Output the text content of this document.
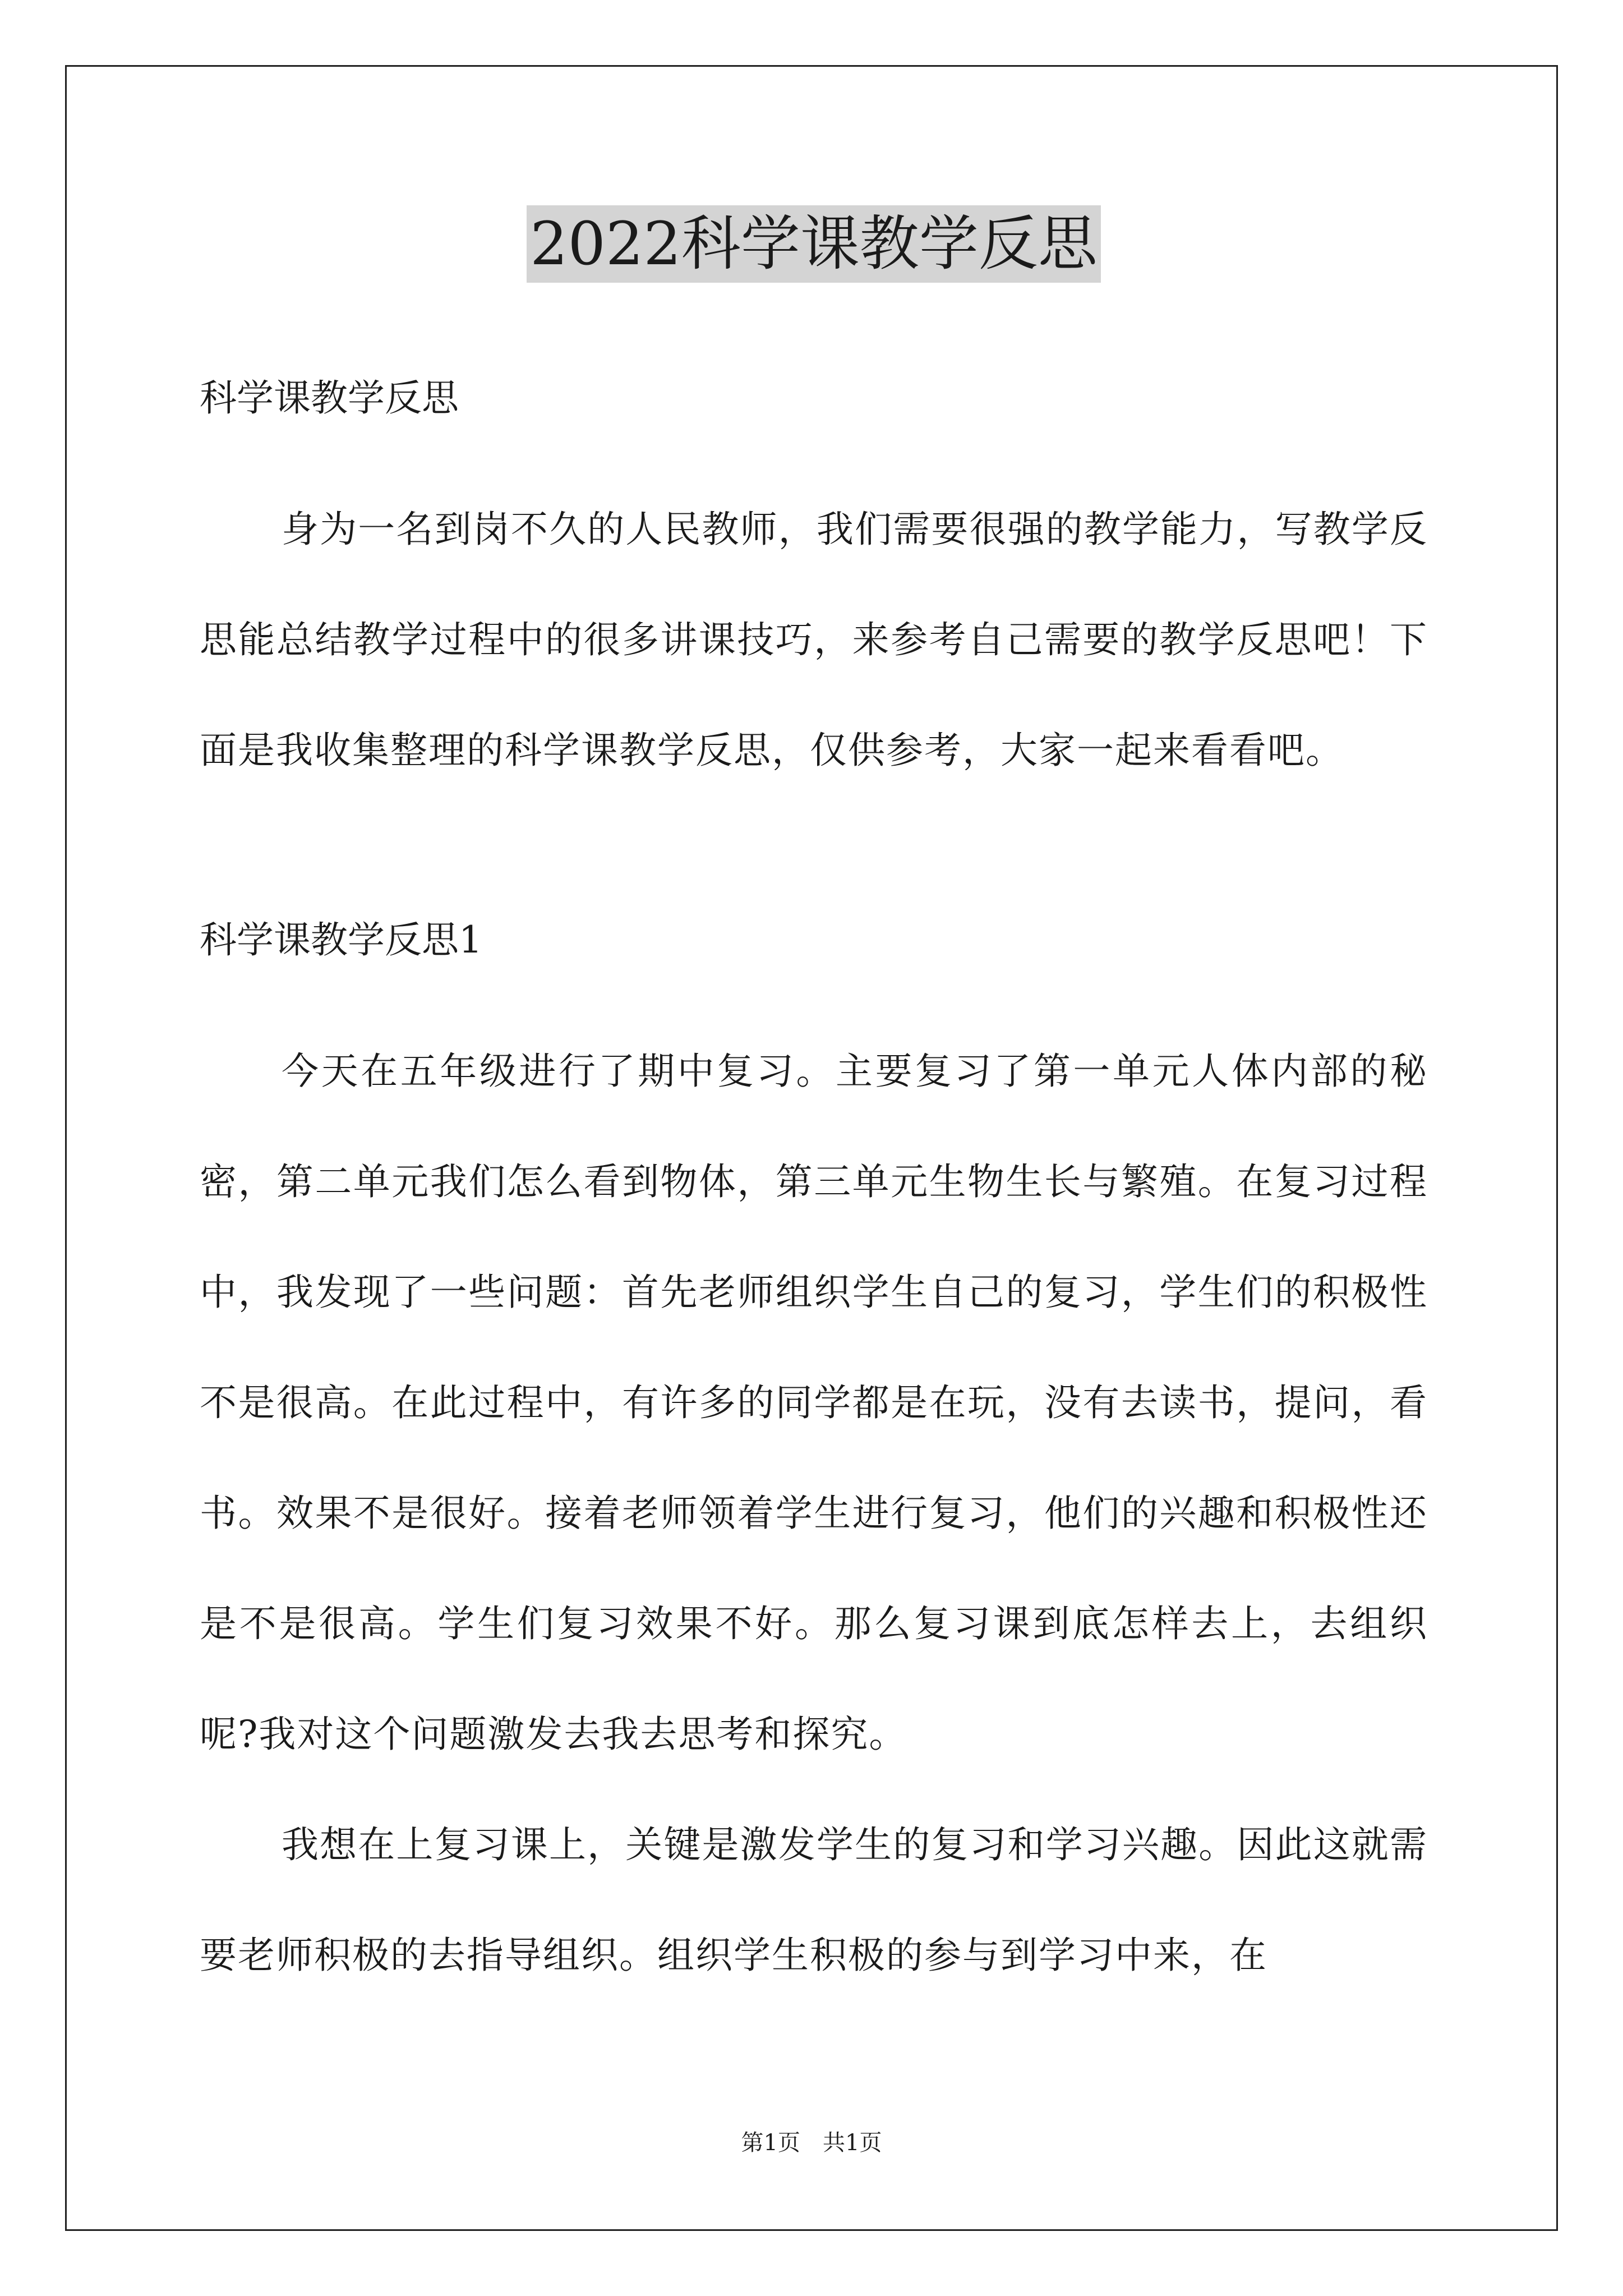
2022科学课教学反思

科学课教学反思

身为一名到岗不久的人民教师，我们需要很强的教学能力，写教学反思能总结教学过程中的很多讲课技巧，来参考自己需要的教学反思吧！下面是我收集整理的科学课教学反思，仅供参考，大家一起来看看吧。

科学课教学反思1

今天在五年级进行了期中复习。主要复习了第一单元人体内部的秘密，第二单元我们怎么看到物体，第三单元生物生长与繁殖。在复习过程中，我发现了一些问题：首先老师组织学生自己的复习，学生们的积极性不是很高。在此过程中，有许多的同学都是在玩，没有去读书，提问，看书。效果不是很好。接着老师领着学生进行复习，他们的兴趣和积极性还是不是很高。学生们复习效果不好。那么复习课到底怎样去上，去组织呢?我对这个问题激发去我去思考和探究。

我想在上复习课上，关键是激发学生的复习和学习兴趣。因此这就需要老师积极的去指导组织。组织学生积极的参与到学习中来，在

第1页 共1页
